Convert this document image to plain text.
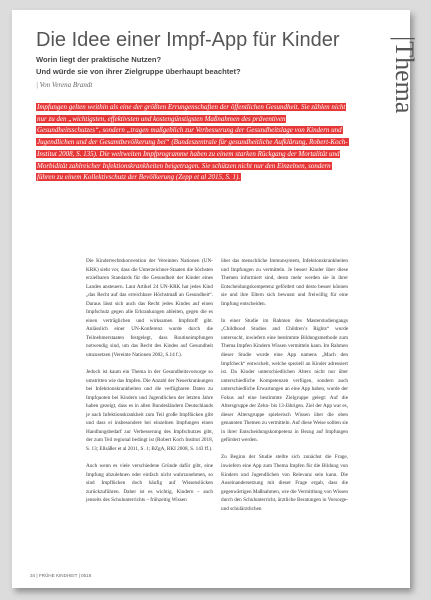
Die Idee einer Impf-App für Kinder
Worin liegt der praktische Nutzen?
Und würde sie von ihrer Zielgruppe überhaupt beachtet?
| Von Verena Brandt	|Thema
Impfungen gelten weithin als eine der größten Errungenschaften der öffentlichen Gesundheit. Sie zählen nicht nur zu den „wichtigsten, effektivsten und kostengünstigsten Maßnahmen des präventiven Gesundheitsschutzes“, sondern „tragen maßgeblich zur Verbesserung der Gesundheitslage von Kindern und Jugendlichen und der Gesamtbevölkerung bei“ (Bundeszentrale für gesundheitliche Aufklärung, Robert-Koch-Institut 2008, S. 135). Die weltweiten Impfprogramme haben zu einem starken Rückgang der Mortalität und Morbidität zahlreicher Infektionskrankheiten beigetragen. Sie schützen nicht nur den Einzelnen, sondern führen zu einem Kollektivschutz der Bevölkerung (Zepp et al 2015, S. 1).

Die Kinderrechtskonvention der Vereinten Nationen (UN-KRK) sieht vor, dass die Unterzeichner-Staaten die höchsten erzielbaren Standards für die Gesundheit der Kinder eines Landes ansteuern. Laut Artikel 24 UN-KRK hat jedes Kind „das Recht auf das erreichbare Höchstmaß an Gesundheit“. Daraus lässt sich auch das Recht jedes Kindes auf einen Impfschutz gegen alle Erkrankungen ableiten, gegen die es einen verträglichen und wirksamen Impfstoff gibt. Anlässlich einer UN-Konferenz wurde durch die Teilnehmerstaaten festgelegt, dass Routineimpfungen notwendig sind, um das Recht des Kindes auf Gesundheit umzusetzen (Vereinte Nationen 2002, S.14 f.).

Jedoch ist kaum ein Thema in der Gesundheitsvorsorge so umstritten wie das Impfen. Die Anzahl der Neuerkrankungen bei Infektionskrankheiten und die verfügbaren Daten zu Impfquoten bei Kindern und Jugendlichen der letzten Jahre haben gezeigt, dass es in allen Bundesländern Deutschlands je nach Infektionskrankheit zum Teil große Impflücken gibt und dass ei insbesondere bei einzelnen Impfungen einen Handlungsbedarf zur Verbesserung des Impfschutzes gibt, der zum Teil regional bedingt ist (Robert Koch Institut 2018, S. 13; Ellsäßer et al 2011, S. 1; BZgA, RKI 2008, S. 143 ff.).

Auch wenn es viele verschiedene Gründe dafür gibt, eine Impfung abzulehnen oder einfach nicht wahrzunehmen, so sind Impflücken doch häufig auf Wissenslücken zurückzuführen. Daher ist es wichtig, Kindern – auch jenseits des Schulunterrichts – frühzeitig Wissen

über das menschliche Immunsystem, Infektionskrankheiten und Impfungen zu vermitteln. Je besser Kinder über diese Themen informiert sind, desto mehr werden sie in ihrer Entscheidungskompetenz gefördert und desto besser können sie und ihre Eltern sich bewusst und freiwillig für eine Impfung entscheiden.

In einer Studie im Rahmen des Masterstudiengangs „Childhood Studies and Children’s Rights“ wurde untersucht, inwiefern eine bestimmte Bildungsmethode zum Thema Impfen Kindern Wissen vermitteln kann. Im Rahmen dieser Studie wurde eine App namens „Mach den Impfcheck“ entwickelt, welche speziell an Kinder adressiert ist. Da Kinder unterschiedlichen Alters nicht nur über unterschiedliche Kompetenzen verfügen, sondern auch unterschiedliche Erwartungen an eine App haben, wurde der Fokus auf eine bestimmte Zielgruppe gelegt: Auf die Altersgruppe der Zehn- bis 13-Jährigen. Ziel der App war es, dieser Altersgruppe spielerisch Wissen über die oben genannten Themen zu vermitteln. Auf diese Weise sollten sie in ihrer Entscheidungskompetenz in Bezug auf Impfungen gefördert werden.

Zu Beginn der Studie stellte sich zunächst die Frage, inwiefern eine App zum Thema Impfen für die Bildung von Kindern und Jugendlichen von Relevanz sein kann. Die Auseinandersetzung mit dieser Frage ergab, dass die gegenwärtigen Maßnahmen, wie die Vermittlung von Wissen durch den Schulunterricht, ärztliche Beratungen in Vorsorge- und schulärztlichen

34 | FRÜHE KINDHEIT | 0518
